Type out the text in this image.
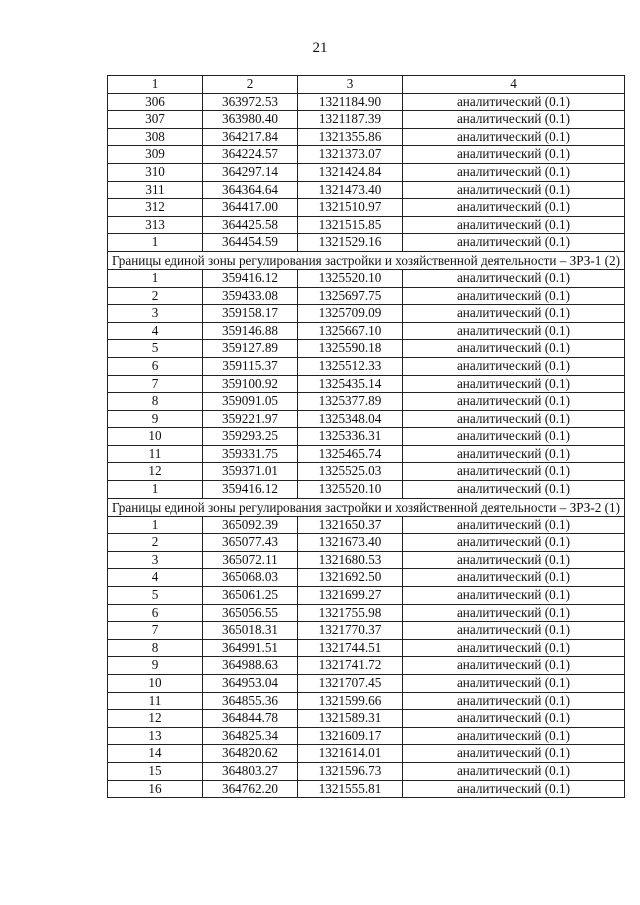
21
1	2	3	4
306	363972.53	1321184.90	аналитический (0.1)
307	363980.40	1321187.39	аналитический (0.1)
308	364217.84	1321355.86	аналитический (0.1)
309	364224.57	1321373.07	аналитический (0.1)
310	364297.14	1321424.84	аналитический (0.1)
311	364364.64	1321473.40	аналитический (0.1)
312	364417.00	1321510.97	аналитический (0.1)
313	364425.58	1321515.85	аналитический (0.1)
1	364454.59	1321529.16	аналитический (0.1)
Границы единой зоны регулирования застройки и хозяйственной деятельности – ЗРЗ-1 (2)			
1	359416.12	1325520.10	аналитический (0.1)
2	359433.08	1325697.75	аналитический (0.1)
3	359158.17	1325709.09	аналитический (0.1)
4	359146.88	1325667.10	аналитический (0.1)
5	359127.89	1325590.18	аналитический (0.1)
6	359115.37	1325512.33	аналитический (0.1)
7	359100.92	1325435.14	аналитический (0.1)
8	359091.05	1325377.89	аналитический (0.1)
9	359221.97	1325348.04	аналитический (0.1)
10	359293.25	1325336.31	аналитический (0.1)
11	359331.75	1325465.74	аналитический (0.1)
12	359371.01	1325525.03	аналитический (0.1)
1	359416.12	1325520.10	аналитический (0.1)
Границы единой зоны регулирования застройки и хозяйственной деятельности – ЗРЗ-2 (1)			
1	365092.39	1321650.37	аналитический (0.1)
2	365077.43	1321673.40	аналитический (0.1)
3	365072.11	1321680.53	аналитический (0.1)
4	365068.03	1321692.50	аналитический (0.1)
5	365061.25	1321699.27	аналитический (0.1)
6	365056.55	1321755.98	аналитический (0.1)
7	365018.31	1321770.37	аналитический (0.1)
8	364991.51	1321744.51	аналитический (0.1)
9	364988.63	1321741.72	аналитический (0.1)
10	364953.04	1321707.45	аналитический (0.1)
11	364855.36	1321599.66	аналитический (0.1)
12	364844.78	1321589.31	аналитический (0.1)
13	364825.34	1321609.17	аналитический (0.1)
14	364820.62	1321614.01	аналитический (0.1)
15	364803.27	1321596.73	аналитический (0.1)
16	364762.20	1321555.81	аналитический (0.1)
